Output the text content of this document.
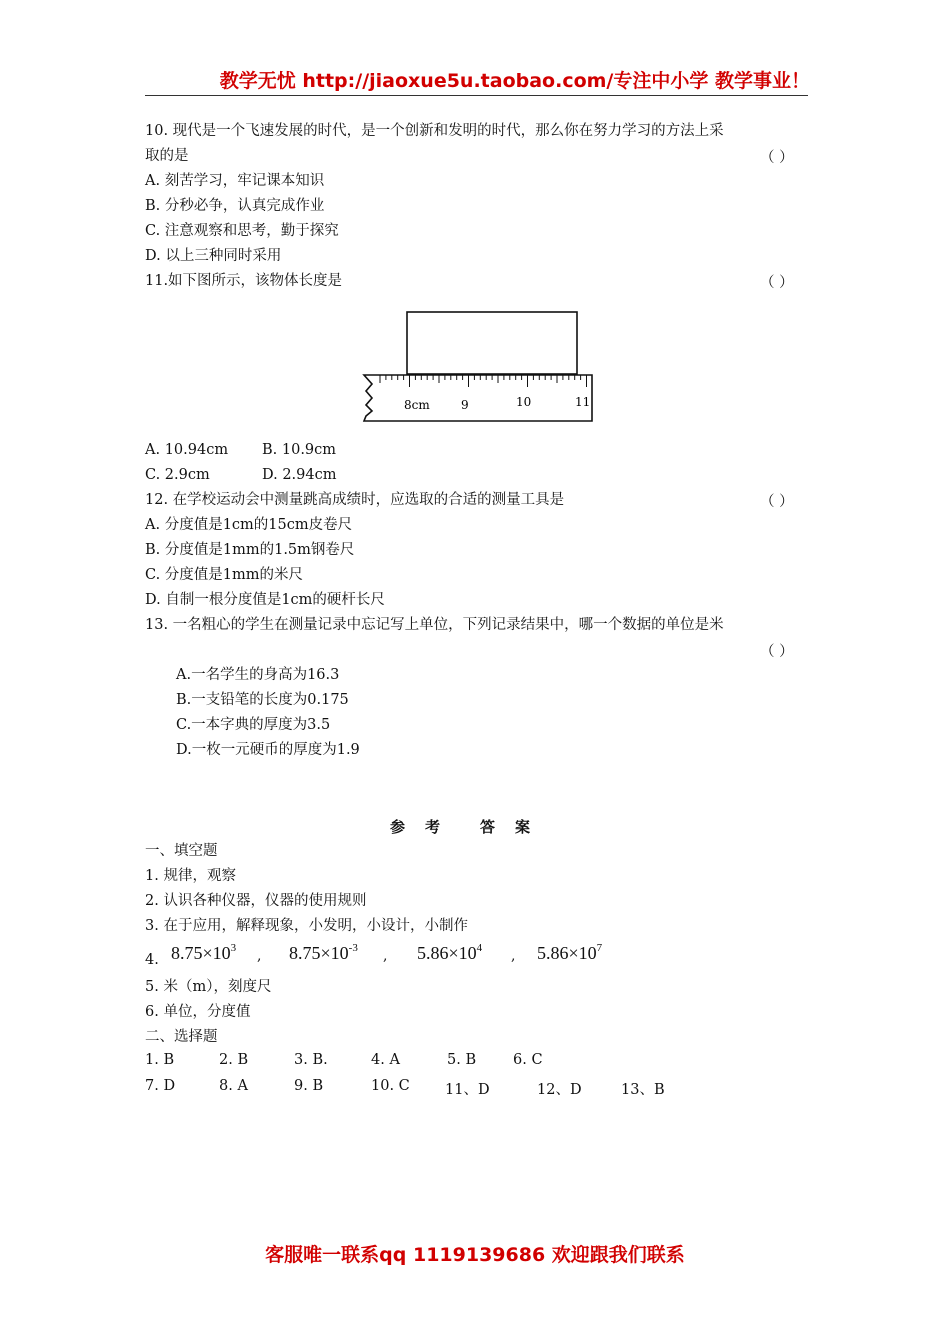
教学无忧 http://jiaoxue5u.taobao.com/专注中小学 教学事业！
10. 现代是一个飞速发展的时代，是一个创新和发明的时代，那么你在努力学习的方法上采
取的是	（ ）
A. 刻苦学习，牢记课本知识
B. 分秒必争，认真完成作业
C. 注意观察和思考，勤于探究
D. 以上三种同时采用
11.如下图所示，该物体长度是	（ ）
8cm	9	10	11
A. 10.94cm B. 10.9cm
C. 2.9cm	D. 2.94cm
12. 在学校运动会中测量跳高成绩时，应选取的合适的测量工具是	（ ）
A. 分度值是1cm的15cm皮卷尺
B. 分度值是1mm的1.5m钢卷尺
C. 分度值是1mm的米尺
D. 自制一根分度值是1cm的硬杆长尺
13. 一名粗心的学生在测量记录中忘记写上单位，下列记录结果中，哪一个数据的单位是米
（ ）
A.一名学生的身高为16.3
B.一支铅笔的长度为0.175
C.一本字典的厚度为3.5
D.一枚一元硬币的厚度为1.9
参 考	答 案
一、填空题
1. 规律，观察
2. 认识各种仪器，仪器的使用规则
3. 在于应用，解释现象，小发明，小设计，小制作
4. $8.75\times 10^3$ , $8.75\times 10^{-3}$ , $5.86\times 10^4$ , $5.86\times 10^7$
5. 米（m），刻度尺
6. 单位，分度值
二、选择题
1. B	2. B	3. B.	4. A	5. B	6. C
7. D	8. A	9. B	10. C 11、D	12、D	13、B
客服唯一联系qq 1119139686 欢迎跟我们联系
